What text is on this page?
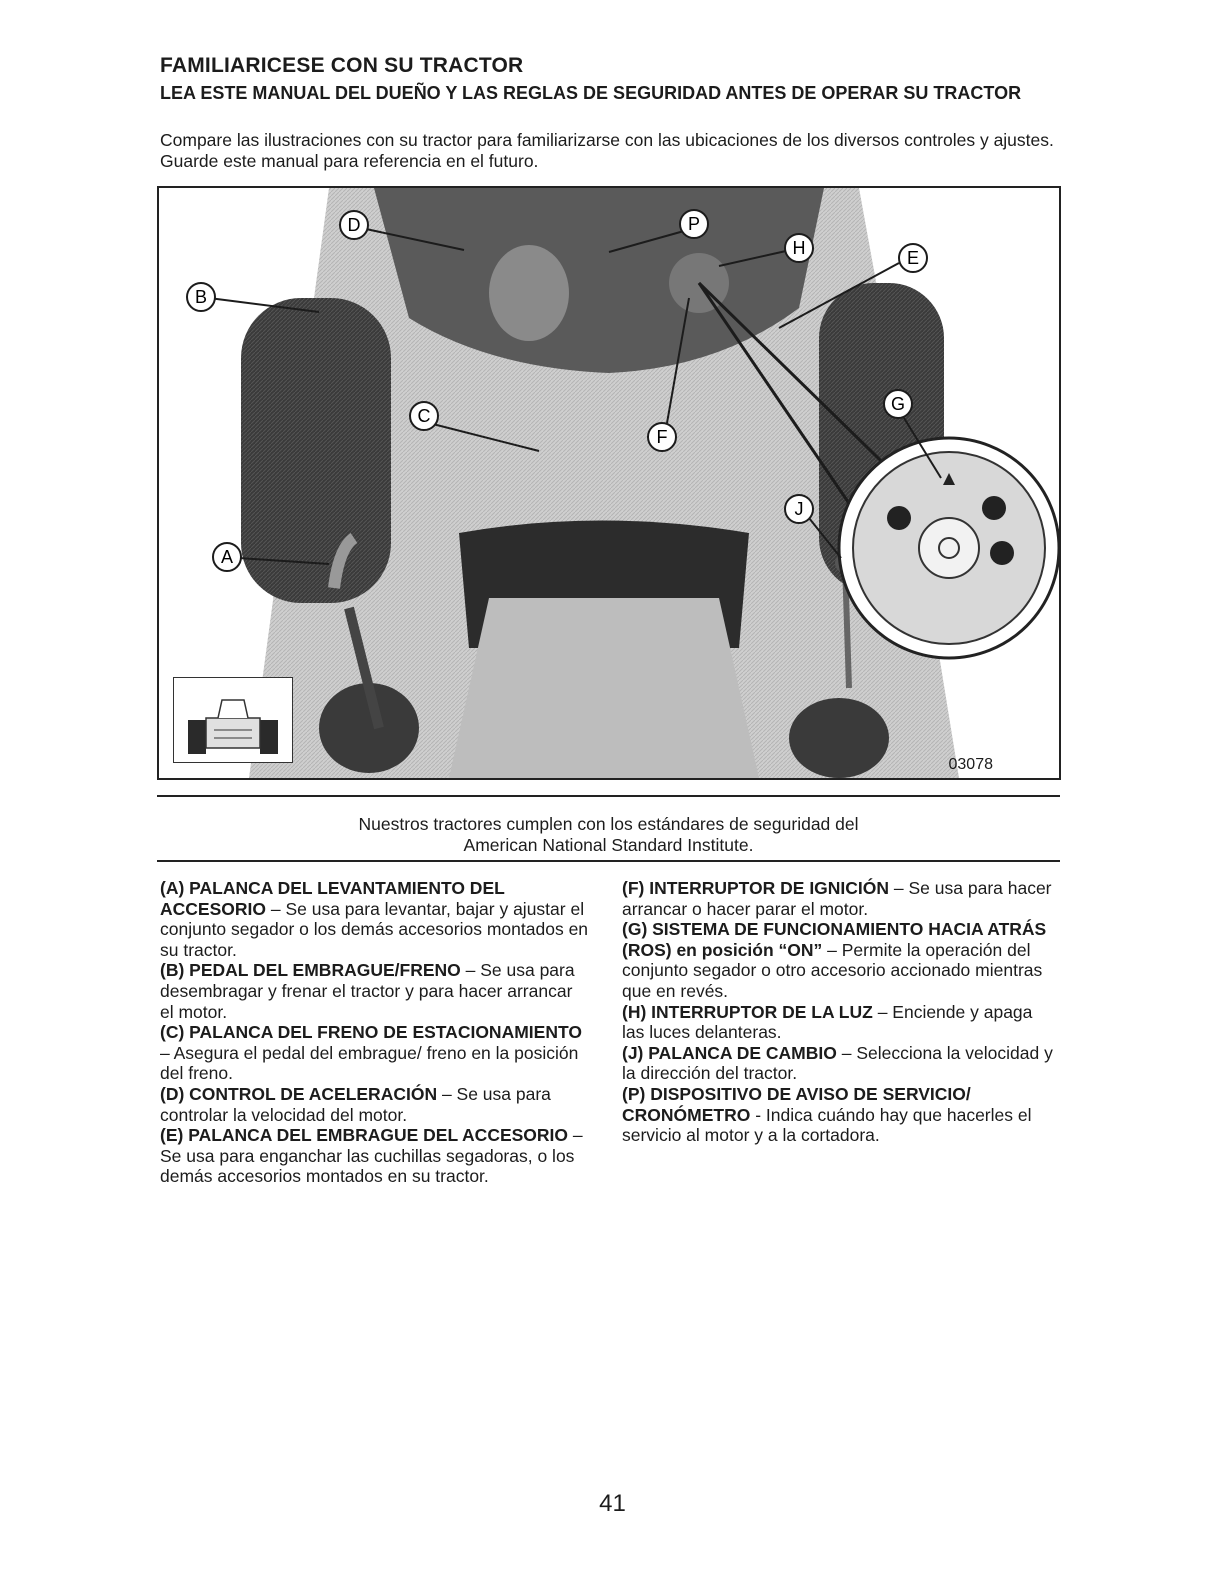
FAMILIARICESE CON SU TRACTOR
LEA ESTE MANUAL DEL DUEÑO Y LAS REGLAS DE SEGURIDAD ANTES DE OPERAR SU TRACTOR
Compare las ilustraciones con su tractor para familiarizarse con las ubicaciones de los diversos controles y ajustes. Guarde este manual para referencia en el futuro.
D
B
C
A
P
H	E
F
G
J
03078
Nuestros tractores cumplen con los estándares de seguridad del
American National Standard Institute.

(A) PALANCA DEL LEVANTAMIENTO DEL ACCESORIO – Se usa para levantar, bajar y ajustar el conjunto segador o los demás accesorios montados en su tractor.

(B) PEDAL DEL EMBRAGUE/FRENO – Se usa para desembragar y frenar el tractor y para hacer arrancar el motor.

(C) PALANCA DEL FRENO DE ESTACIONAMIENTO – Asegura el pedal del embrague/ freno en la posición del freno.

(D) CONTROL DE ACELERACIÓN – Se usa para controlar la velocidad del motor.

(E) PALANCA DEL EMBRAGUE DEL ACCESORIO – Se usa para enganchar las cuchillas segadoras, o los demás accesorios montados en su tractor.

(F) INTERRUPTOR DE IGNICIÓN – Se usa para hacer arrancar o hacer parar el motor.

(G) SISTEMA DE FUNCIONAMIENTO HACIA ATRÁS (ROS) en posición “ON” – Permite la operación del conjunto segador o otro accesorio accionado mientras que en revés.

(H) INTERRUPTOR DE LA LUZ – Enciende y apaga las luces delanteras.

(J) PALANCA DE CAMBIO – Selecciona la velocidad y la dirección del tractor.

(P) DISPOSITIVO DE AVISO DE SERVICIO/ CRONÓMETRO - Indica cuándo hay que hacerles el servicio al motor y a la cortadora.

41
